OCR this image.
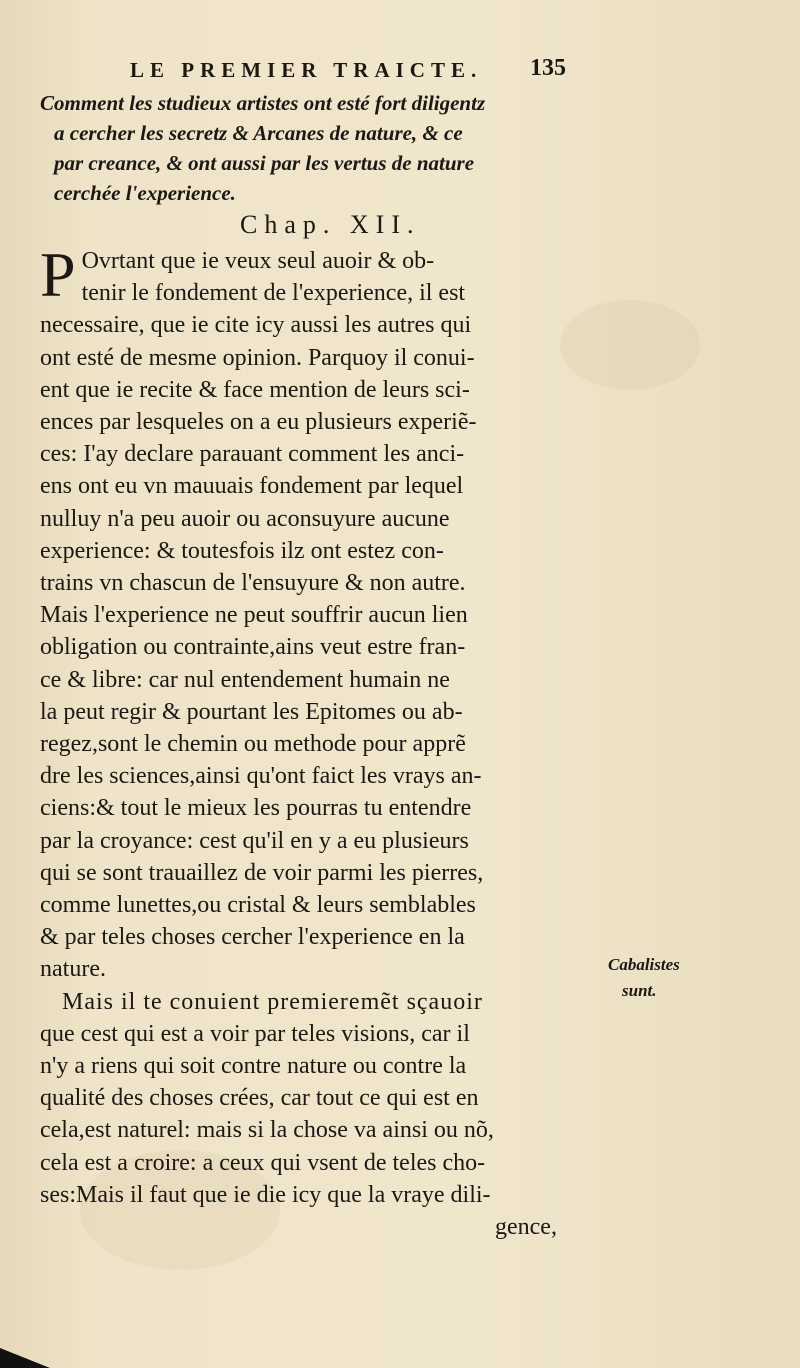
LE PREMIER TRAICTE.	135
Comment les studieux artistes ont esté fort diligentz
a cercher les secretz & Arcanes de nature, & ce
par creance, & ont aussi par les vertus de nature
cerchée l'experience.
Chap. XII.
P Ovrtant que ie veux seul auoir & ob-
tenir le fondement de l'experience, il est
necessaire, que ie cite icy aussi les autres qui
ont esté de mesme opinion. Parquoy il conui-
ent que ie recite & face mention de leurs sci-
ences par lesqueles on a eu plusieurs experiẽ-
ces: I'ay declare parauant comment les anci-
ens ont eu vn mauuais fondement par lequel
nulluy n'a peu auoir ou aconsuyure aucune
experience: & toutesfois ilz ont estez con-
trains vn chascun de l'ensuyure & non autre.
Mais l'experience ne peut souffrir aucun lien
obligation ou contrainte,ains veut estre fran-
ce & libre: car nul entendement humain ne
la peut regir & pourtant les Epitomes ou ab-
regez,sont le chemin ou methode pour apprẽ
dre les sciences,ainsi qu'ont faict les vrays an-
ciens:& tout le mieux les pourras tu entendre
par la croyance: cest qu'il en y a eu plusieurs
qui se sont trauaillez de voir parmi les pierres,
comme lunettes,ou cristal & leurs semblables
& par teles choses cercher l'experience en la
nature.
Mais il te conuient premieremẽt sçauoir
que cest qui est a voir par teles visions, car il
n'y a riens qui soit contre nature ou contre la
qualité des choses crées, car tout ce qui est en
cela,est naturel: mais si la chose va ainsi ou nõ,
cela est a croire: a ceux qui vsent de teles cho-
ses:Mais il faut que ie die icy que la vraye dili-
gence,
Cabalistes
sunt.
